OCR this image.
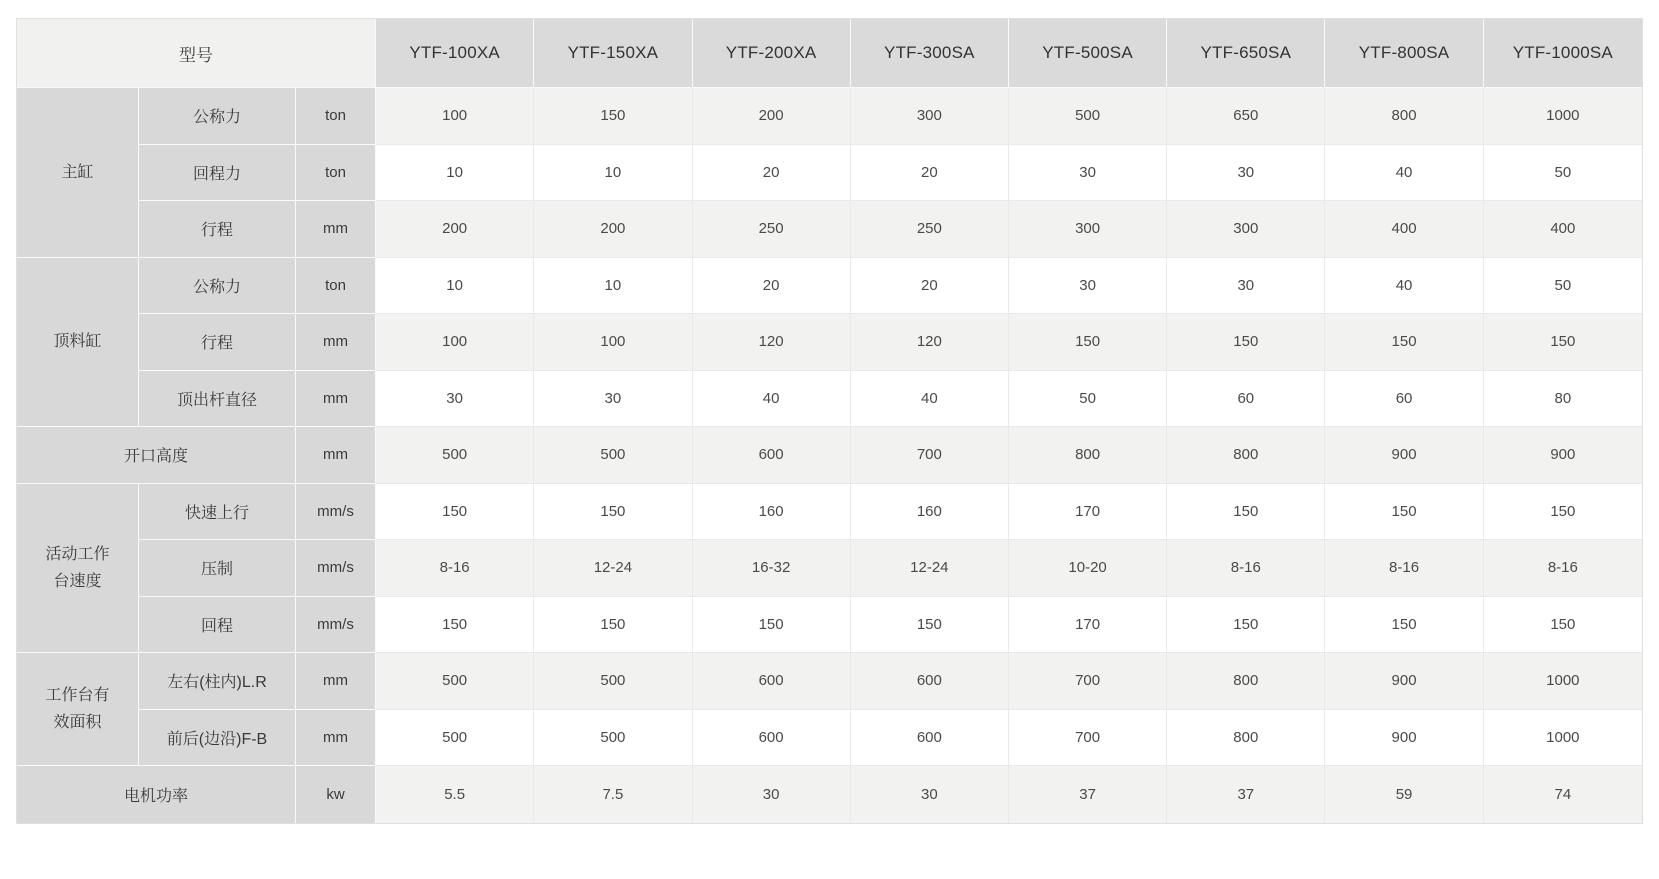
型号			YTF-100XA	YTF-150XA	YTF-200XA	YTF-300SA	YTF-500SA	YTF-650SA	YTF-800SA	YTF-1000SA
主缸	公称力	ton	100	150	200	300	500	650	800	1000
	回程力	ton	10	10	20	20	30	30	40	50
	行程	mm	200	200	250	250	300	300	400	400
顶料缸	公称力	ton	10	10	20	20	30	30	40	50
	行程	mm	100	100	120	120	150	150	150	150
	顶出杆直径	mm	30	30	40	40	50	60	60	80
开口高度		mm	500	500	600	700	800	800	900	900
活动工作台速度	快速上行	mm/s	150	150	160	160	170	150	150	150
	压制	mm/s	8-16	12-24	16-32	12-24	10-20	8-16	8-16	8-16
	回程	mm/s	150	150	150	150	170	150	150	150
工作台有效面积	左右(柱内)L.R	mm	500	500	600	600	700	800	900	1000
	前后(边沿)F-B	mm	500	500	600	600	700	800	900	1000
电机功率		kw	5.5	7.5	30	30	37	37	59	74
